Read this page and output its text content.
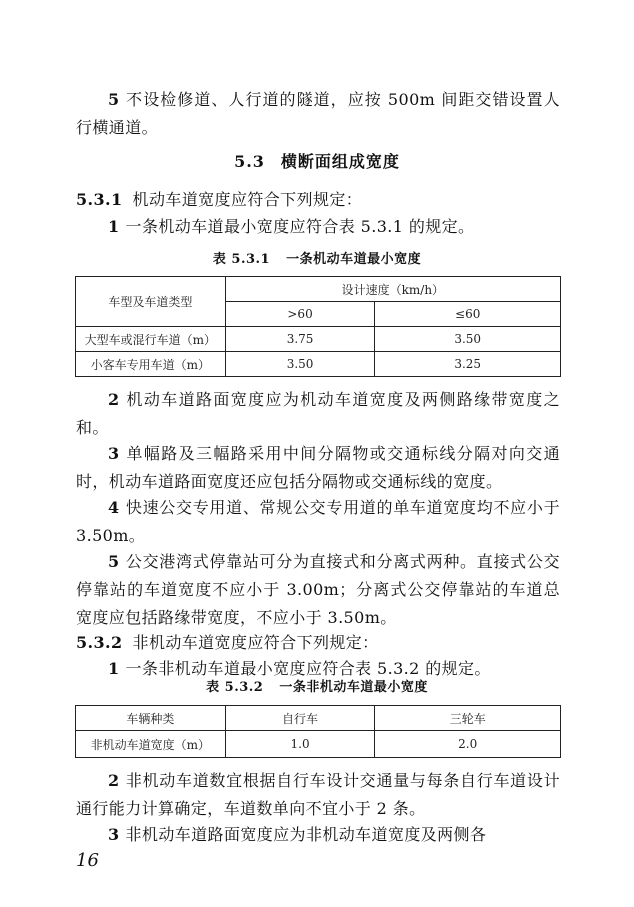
5 不设检修道、人行道的隧道，应按 500m 间距交错设置人行横通道。

5.3 横断面组成宽度

5.3.1 机动车道宽度应符合下列规定：

1 一条机动车道最小宽度应符合表 5.3.1 的规定。

表 5.3.1 一条机动车道最小宽度

车型及车道类型	设计速度（km/h）	
	>60	≤60
大型车或混行车道（m）	3.75	3.50
小客车专用车道（m）	3.50	3.25

2 机动车道路面宽度应为机动车道宽度及两侧路缘带宽度之和。

3 单幅路及三幅路采用中间分隔物或交通标线分隔对向交通时，机动车道路面宽度还应包括分隔物或交通标线的宽度。

4 快速公交专用道、常规公交专用道的单车道宽度均不应小于 3.50m。

5 公交港湾式停靠站可分为直接式和分离式两种。直接式公交停靠站的车道宽度不应小于 3.00m；分离式公交停靠站的车道总宽度应包括路缘带宽度，不应小于 3.50m。

5.3.2 非机动车道宽度应符合下列规定：

1 一条非机动车道最小宽度应符合表 5.3.2 的规定。

表 5.3.2 一条非机动车道最小宽度

车辆种类	自行车	三轮车
非机动车道宽度（m）	1.0	2.0

2 非机动车道数宜根据自行车设计交通量与每条自行车道设计通行能力计算确定，车道数单向不宜小于 2 条。

3 非机动车道路面宽度应为非机动车道宽度及两侧各

16
